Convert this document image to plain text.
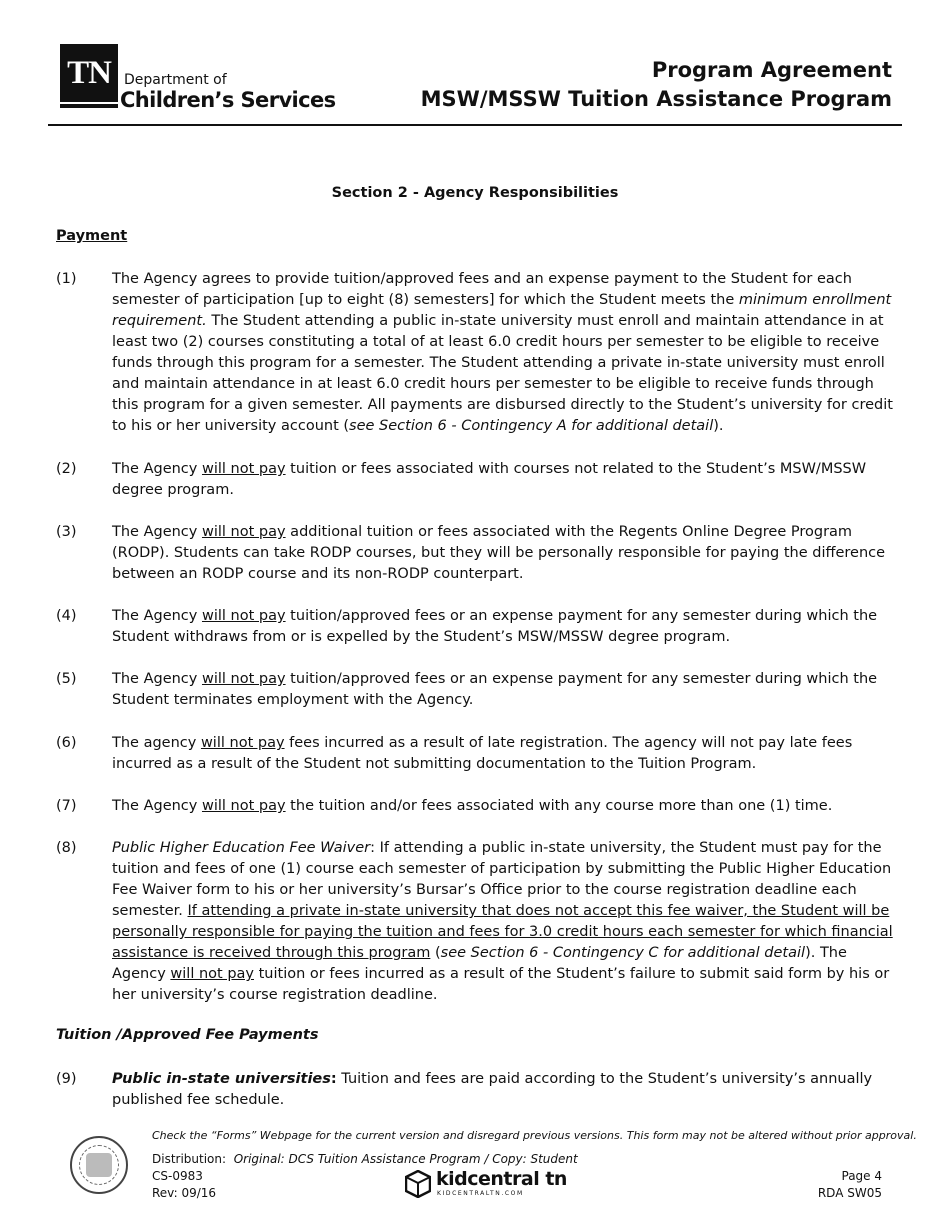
TN Department of
Children’s Services
Program Agreement
MSW/MSSW Tuition Assistance Program
Section 2 - Agency Responsibilities
Payment
(1) The Agency agrees to provide tuition/approved fees and an expense payment to the Student for each semester of participation [up to eight (8) semesters] for which the Student meets the minimum enrollment requirement. The Student attending a public in-state university must enroll and maintain attendance in at least two (2) courses constituting a total of at least 6.0 credit hours per semester to be eligible to receive funds through this program for a semester. The Student attending a private in-state university must enroll and maintain attendance in at least 6.0 credit hours per semester to be eligible to receive funds through this program for a given semester. All payments are disbursed directly to the Student’s university for credit to his or her university account (see Section 6 - Contingency A for additional detail).
(2) The Agency will not pay tuition or fees associated with courses not related to the Student’s MSW/MSSW degree program.
(3) The Agency will not pay additional tuition or fees associated with the Regents Online Degree Program (RODP). Students can take RODP courses, but they will be personally responsible for paying the difference between an RODP course and its non-RODP counterpart.
(4) The Agency will not pay tuition/approved fees or an expense payment for any semester during which the Student withdraws from or is expelled by the Student’s MSW/MSSW degree program.
(5) The Agency will not pay tuition/approved fees or an expense payment for any semester during which the Student terminates employment with the Agency.
(6) The agency will not pay fees incurred as a result of late registration. The agency will not pay late fees incurred as a result of the Student not submitting documentation to the Tuition Program.
(7) The Agency will not pay the tuition and/or fees associated with any course more than one (1) time.
(8) Public Higher Education Fee Waiver: If attending a public in-state university, the Student must pay for the tuition and fees of one (1) course each semester of participation by submitting the Public Higher Education Fee Waiver form to his or her university’s Bursar’s Office prior to the course registration deadline each semester. If attending a private in-state university that does not accept this fee waiver, the Student will be personally responsible for paying the tuition and fees for 3.0 credit hours each semester for which financial assistance is received through this program (see Section 6 - Contingency C for additional detail). The Agency will not pay tuition or fees incurred as a result of the Student’s failure to submit said form by his or her university’s course registration deadline.
Tuition /Approved Fee Payments
(9) Public in-state universities: Tuition and fees are paid according to the Student’s university’s annually published fee schedule.
Check the “Forms” Webpage for the current version and disregard previous versions. This form may not be altered without prior approval.
Distribution: Original: DCS Tuition Assistance Program / Copy: Student
CS-0983
Rev: 09/16
kidcentral tn
KIDCENTRALTN.COM
Page 4
RDA SW05
